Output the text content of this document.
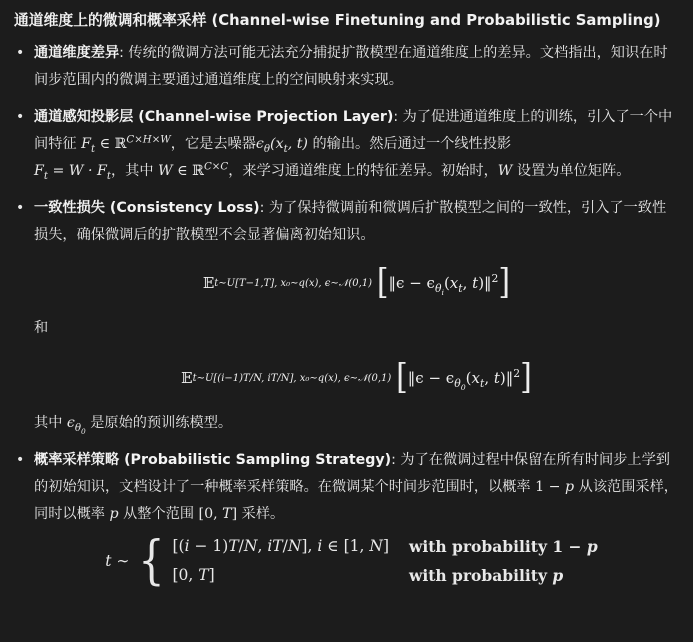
通道维度上的微调和概率采样 (Channel-wise Finetuning and Probabilistic Sampling)
• 通道维度差异: 传统的微调方法可能无法充分捕捉扩散模型在通道维度上的差异。文档指出，知识在时间步范围内的微调主要通过通道维度上的空间映射来实现。
• 通道感知投影层 (Channel-wise Projection Layer): 为了促进通道维度上的训练，引入了一个中间特征 $F_t$ ∈ ℝ$^{C\times H\times W}$，它是去噪器$\epsilon_\theta(x_t$, t) 的输出。然后通过一个线性投影
$F_t = W \cdot F_t$，其中 W ∈ ℝ$^{C\times C}$，来学习通道维度上的特征差异。初始时，W 设置为单位矩阵。
• 一致性损失 (Consistency Loss): 为了保持微调前和微调后扩散模型之间的一致性，引入了一致性损失，确保微调后的扩散模型不会显著偏离初始知识。
𝔼 t∼U[T−1,T], x₀∼q(x), ϵ∼𝒩(0,1)
[ ‖ϵ − $\epsilon_{\theta_i}(x_t$, t)‖$^2$ ]
和
𝔼 t∼U[(i−1)T/N, iT/N], x₀∼q(x), ϵ∼𝒩(0,1)
[ ‖ϵ − $\epsilon_{\theta_0}(x_t$, t)‖$^2$ ]
其中 $\epsilon_{\theta_0}$ 是原始的预训练模型。
• 概率采样策略 (Probabilistic Sampling Strategy): 为了在微调过程中保留在所有时间步上学到的初始知识，文档设计了一种概率采样策略。在微调某个时间步范围时，以概率 1 − p 从该范围采样，同时以概率 p 从整个范围 [0, T] 采样。
t ∼ { [(i − 1)T/N, iT/N], i ∈ [1, N]	with probability 1 − p
[0, T]	with probability p
